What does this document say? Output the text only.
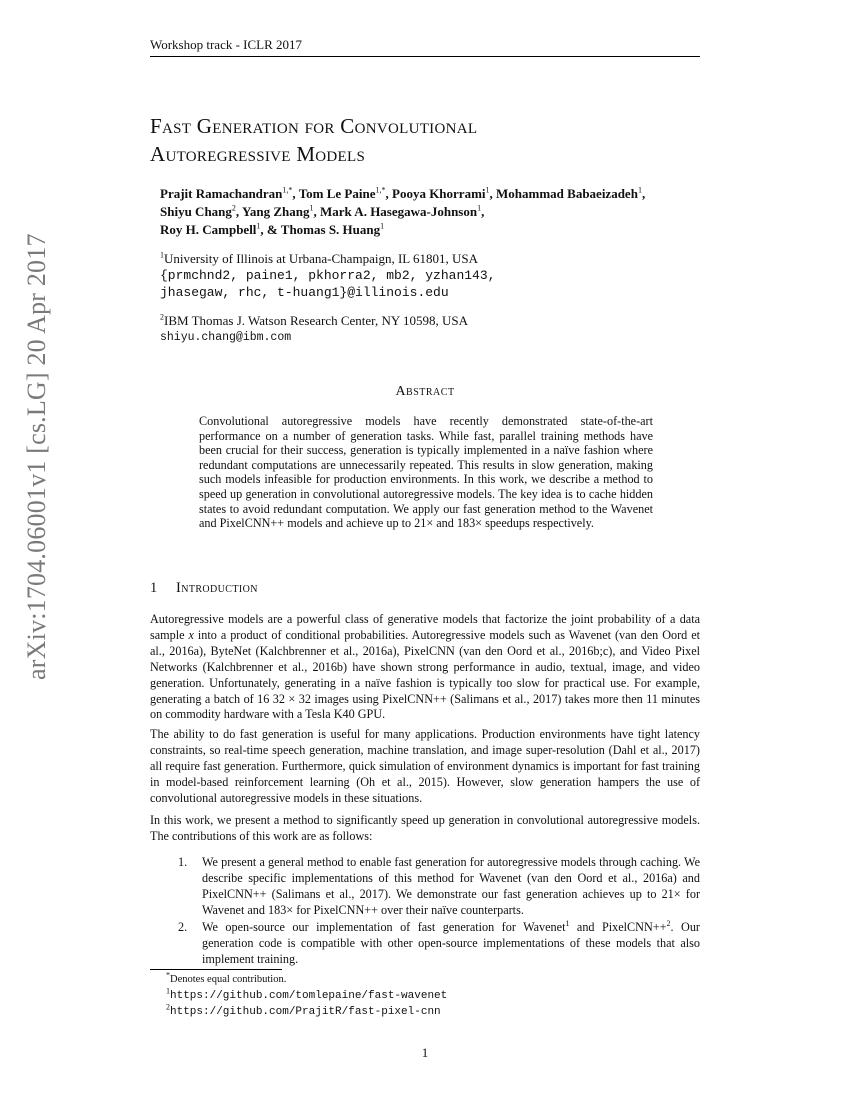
Workshop track - ICLR 2017
arXiv:1704.06001v1 [cs.LG] 20 Apr 2017
Fast Generation for Convolutional
Autoregressive Models
Prajit Ramachandran$^{1,*}$, Tom Le Paine$^{1,*}$, Pooya Khorrami$^1$, Mohammad Babaeizadeh$^1$,
Shiyu Chang$^2$, Yang Zhang$^1$, Mark A. Hasegawa-Johnson$^1$,
Roy H. Campbell$^1$, & Thomas S. Huang$^1$
$^1$University of Illinois at Urbana-Champaign, IL 61801, USA
{prmchnd2, paine1, pkhorra2, mb2, yzhan143,
jhasegaw, rhc, t-huang1}@illinois.edu
$^2$IBM Thomas J. Watson Research Center, NY 10598, USA
shiyu.chang@ibm.com
Abstract
Convolutional autoregressive models have recently demonstrated state-of-the-art performance on a number of generation tasks. While fast, parallel training methods have been crucial for their success, generation is typically implemented in a naïve fashion where redundant computations are unnecessarily repeated. This results in slow generation, making such models infeasible for production environments. In this work, we describe a method to speed up generation in convolutional autoregressive models. The key idea is to cache hidden states to avoid redundant computation. We apply our fast generation method to the Wavenet and PixelCNN++ models and achieve up to 21× and 183× speedups respectively.
1 Introduction
Autoregressive models are a powerful class of generative models that factorize the joint probability of a data sample x into a product of conditional probabilities. Autoregressive models such as Wavenet (van den Oord et al., 2016a), ByteNet (Kalchbrenner et al., 2016a), PixelCNN (van den Oord et al., 2016b;c), and Video Pixel Networks (Kalchbrenner et al., 2016b) have shown strong performance in audio, textual, image, and video generation. Unfortunately, generating in a naïve fashion is typically too slow for practical use. For example, generating a batch of 16 32 × 32 images using PixelCNN++ (Salimans et al., 2017) takes more then 11 minutes on commodity hardware with a Tesla K40 GPU.
The ability to do fast generation is useful for many applications. Production environments have tight latency constraints, so real-time speech generation, machine translation, and image super-resolution (Dahl et al., 2017) all require fast generation. Furthermore, quick simulation of environment dynamics is important for fast training in model-based reinforcement learning (Oh et al., 2015). However, slow generation hampers the use of convolutional autoregressive models in these situations.
In this work, we present a method to significantly speed up generation in convolutional autoregressive models. The contributions of this work are as follows:
1. We present a general method to enable fast generation for autoregressive models through caching. We describe specific implementations of this method for Wavenet (van den Oord et al., 2016a) and PixelCNN++ (Salimans et al., 2017). We demonstrate our fast generation achieves up to 21× for Wavenet and 183× for PixelCNN++ over their naïve counterparts.
2. We open-source our implementation of fast generation for Wavenet$^1$ and PixelCNN++$^2$. Our generation code is compatible with other open-source implementations of these models that also implement training.
*Denotes equal contribution.
$^1$https://github.com/tomlepaine/fast-wavenet
$^2$https://github.com/PrajitR/fast-pixel-cnn
1
